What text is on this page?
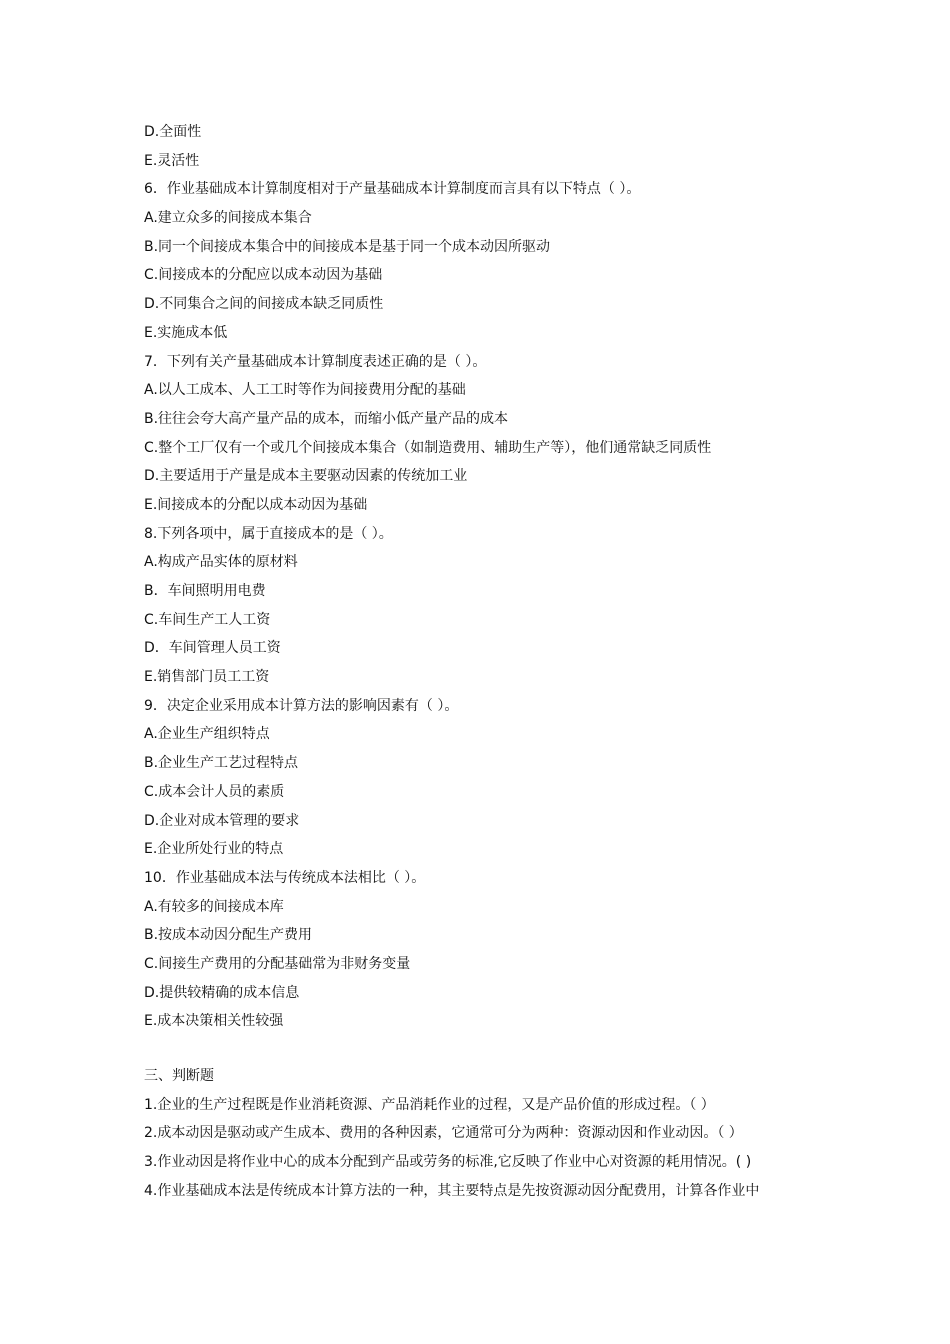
D.全面性
E.灵活性
6．作业基础成本计算制度相对于产量基础成本计算制度而言具有以下特点（ ）。
A.建立众多的间接成本集合
B.同一个间接成本集合中的间接成本是基于同一个成本动因所驱动
C.间接成本的分配应以成本动因为基础
D.不同集合之间的间接成本缺乏同质性
E.实施成本低
7．下列有关产量基础成本计算制度表述正确的是（ ）。
A.以人工成本、人工工时等作为间接费用分配的基础
B.往往会夸大高产量产品的成本，而缩小低产量产品的成本
C.整个工厂仅有一个或几个间接成本集合（如制造费用、辅助生产等），他们通常缺乏同质性
D.主要适用于产量是成本主要驱动因素的传统加工业
E.间接成本的分配以成本动因为基础
8.下列各项中，属于直接成本的是（ ）。
A.构成产品实体的原材料
B．车间照明用电费
C.车间生产工人工资
D．车间管理人员工资
E.销售部门员工工资
9．决定企业采用成本计算方法的影响因素有（ ）。
A.企业生产组织特点
B.企业生产工艺过程特点
C.成本会计人员的素质
D.企业对成本管理的要求
E.企业所处行业的特点
10．作业基础成本法与传统成本法相比（ ）。
A.有较多的间接成本库
B.按成本动因分配生产费用
C.间接生产费用的分配基础常为非财务变量
D.提供较精确的成本信息
E.成本决策相关性较强
三、判断题
1.企业的生产过程既是作业消耗资源、产品消耗作业的过程，又是产品价值的形成过程。（ ）
2.成本动因是驱动或产生成本、费用的各种因素，它通常可分为两种：资源动因和作业动因。（ ）
3.作业动因是将作业中心的成本分配到产品或劳务的标准,它反映了作业中心对资源的耗用情况。( )
4.作业基础成本法是传统成本计算方法的一种，其主要特点是先按资源动因分配费用，计算各作业中
